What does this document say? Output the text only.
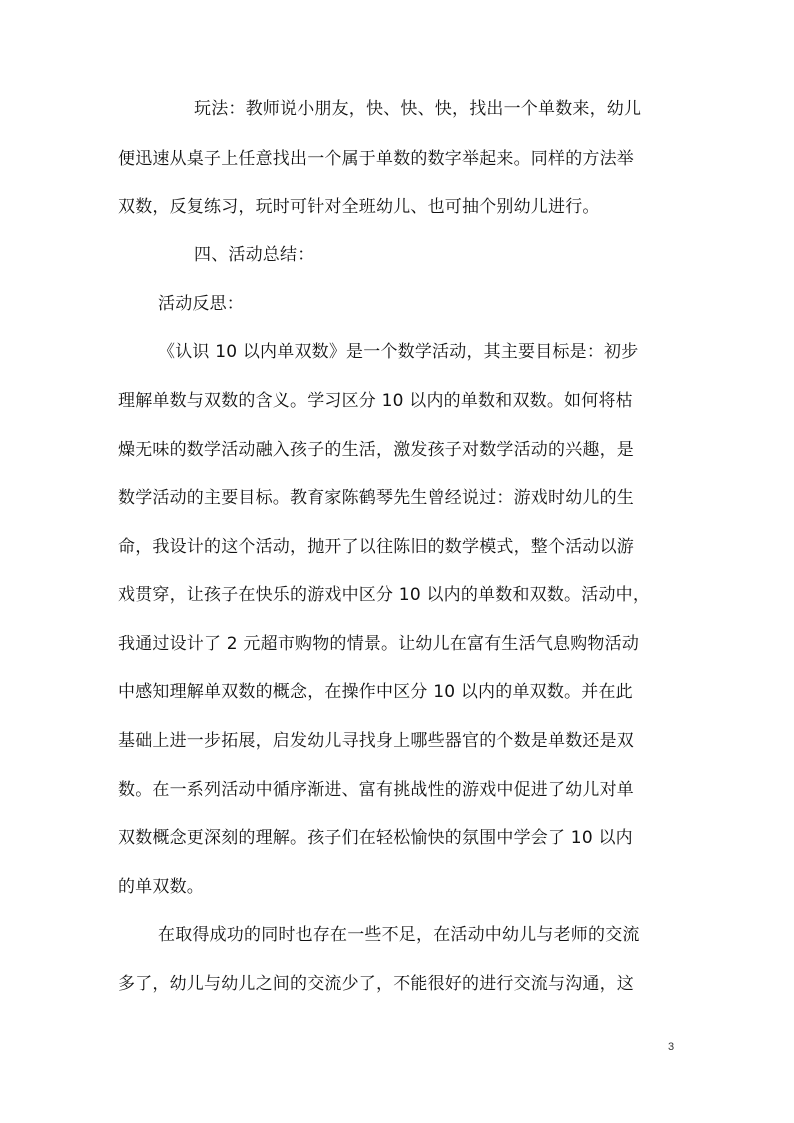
玩法：教师说小朋友，快、快、快，找出一个单数来，幼儿
便迅速从桌子上任意找出一个属于单数的数字举起来。同样的方法举
双数，反复练习，玩时可针对全班幼儿、也可抽个别幼儿进行。
四、活动总结：
活动反思：
《认识 10 以内单双数》是一个数学活动，其主要目标是：初步
理解单数与双数的含义。学习区分 10 以内的单数和双数。如何将枯
燥无味的数学活动融入孩子的生活，激发孩子对数学活动的兴趣，是
数学活动的主要目标。教育家陈鹤琴先生曾经说过：游戏时幼儿的生
命，我设计的这个活动，抛开了以往陈旧的数学模式，整个活动以游
戏贯穿，让孩子在快乐的游戏中区分 10 以内的单数和双数。活动中，
我通过设计了 2 元超市购物的情景。让幼儿在富有生活气息购物活动
中感知理解单双数的概念，在操作中区分 10 以内的单双数。并在此
基础上进一步拓展，启发幼儿寻找身上哪些器官的个数是单数还是双
数。在一系列活动中循序渐进、富有挑战性的游戏中促进了幼儿对单
双数概念更深刻的理解。孩子们在轻松愉快的氛围中学会了 10 以内
的单双数。
在取得成功的同时也存在一些不足，在活动中幼儿与老师的交流
多了，幼儿与幼儿之间的交流少了，不能很好的进行交流与沟通，这
3
